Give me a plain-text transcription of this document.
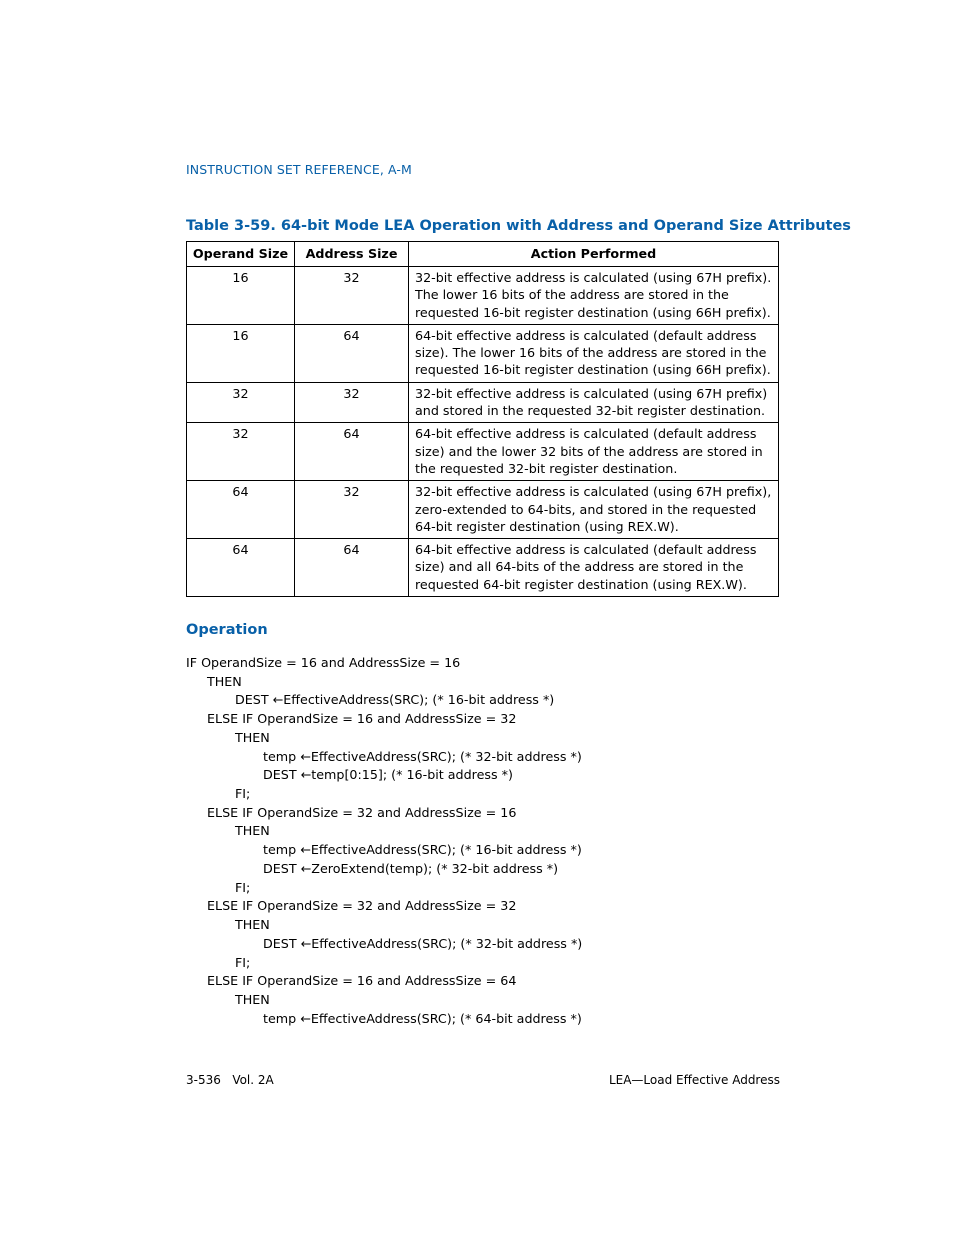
INSTRUCTION SET REFERENCE, A-M
Table 3-59. 64-bit Mode LEA Operation with Address and Operand Size Attributes
Operand Size	Address Size	Action Performed
16	32	32-bit effective address is calculated (using 67H prefix). The lower 16 bits of the address are stored in the requested 16-bit register destination (using 66H prefix).
16	64	64-bit effective address is calculated (default address size). The lower 16 bits of the address are stored in the requested 16-bit register destination (using 66H prefix).
32	32	32-bit effective address is calculated (using 67H prefix) and stored in the requested 32-bit register destination.
32	64	64-bit effective address is calculated (default address size) and the lower 32 bits of the address are stored in the requested 32-bit register destination.
64	32	32-bit effective address is calculated (using 67H prefix), zero-extended to 64-bits, and stored in the requested 64-bit register destination (using REX.W).
64	64	64-bit effective address is calculated (default address size) and all 64-bits of the address are stored in the requested 64-bit register destination (using REX.W).
Operation
IF OperandSize = 16 and AddressSize = 16
THEN
DEST ←EffectiveAddress(SRC); (* 16-bit address *)
ELSE IF OperandSize = 16 and AddressSize = 32
THEN
temp ←EffectiveAddress(SRC); (* 32-bit address *)
DEST ←temp[0:15]; (* 16-bit address *)
FI;
ELSE IF OperandSize = 32 and AddressSize = 16
THEN
temp ←EffectiveAddress(SRC); (* 16-bit address *)
DEST ←ZeroExtend(temp); (* 32-bit address *)
FI;
ELSE IF OperandSize = 32 and AddressSize = 32
THEN
DEST ←EffectiveAddress(SRC); (* 32-bit address *)
FI;
ELSE IF OperandSize = 16 and AddressSize = 64
THEN
temp ←EffectiveAddress(SRC); (* 64-bit address *)
3-536   Vol. 2A	LEA—Load Effective Address
